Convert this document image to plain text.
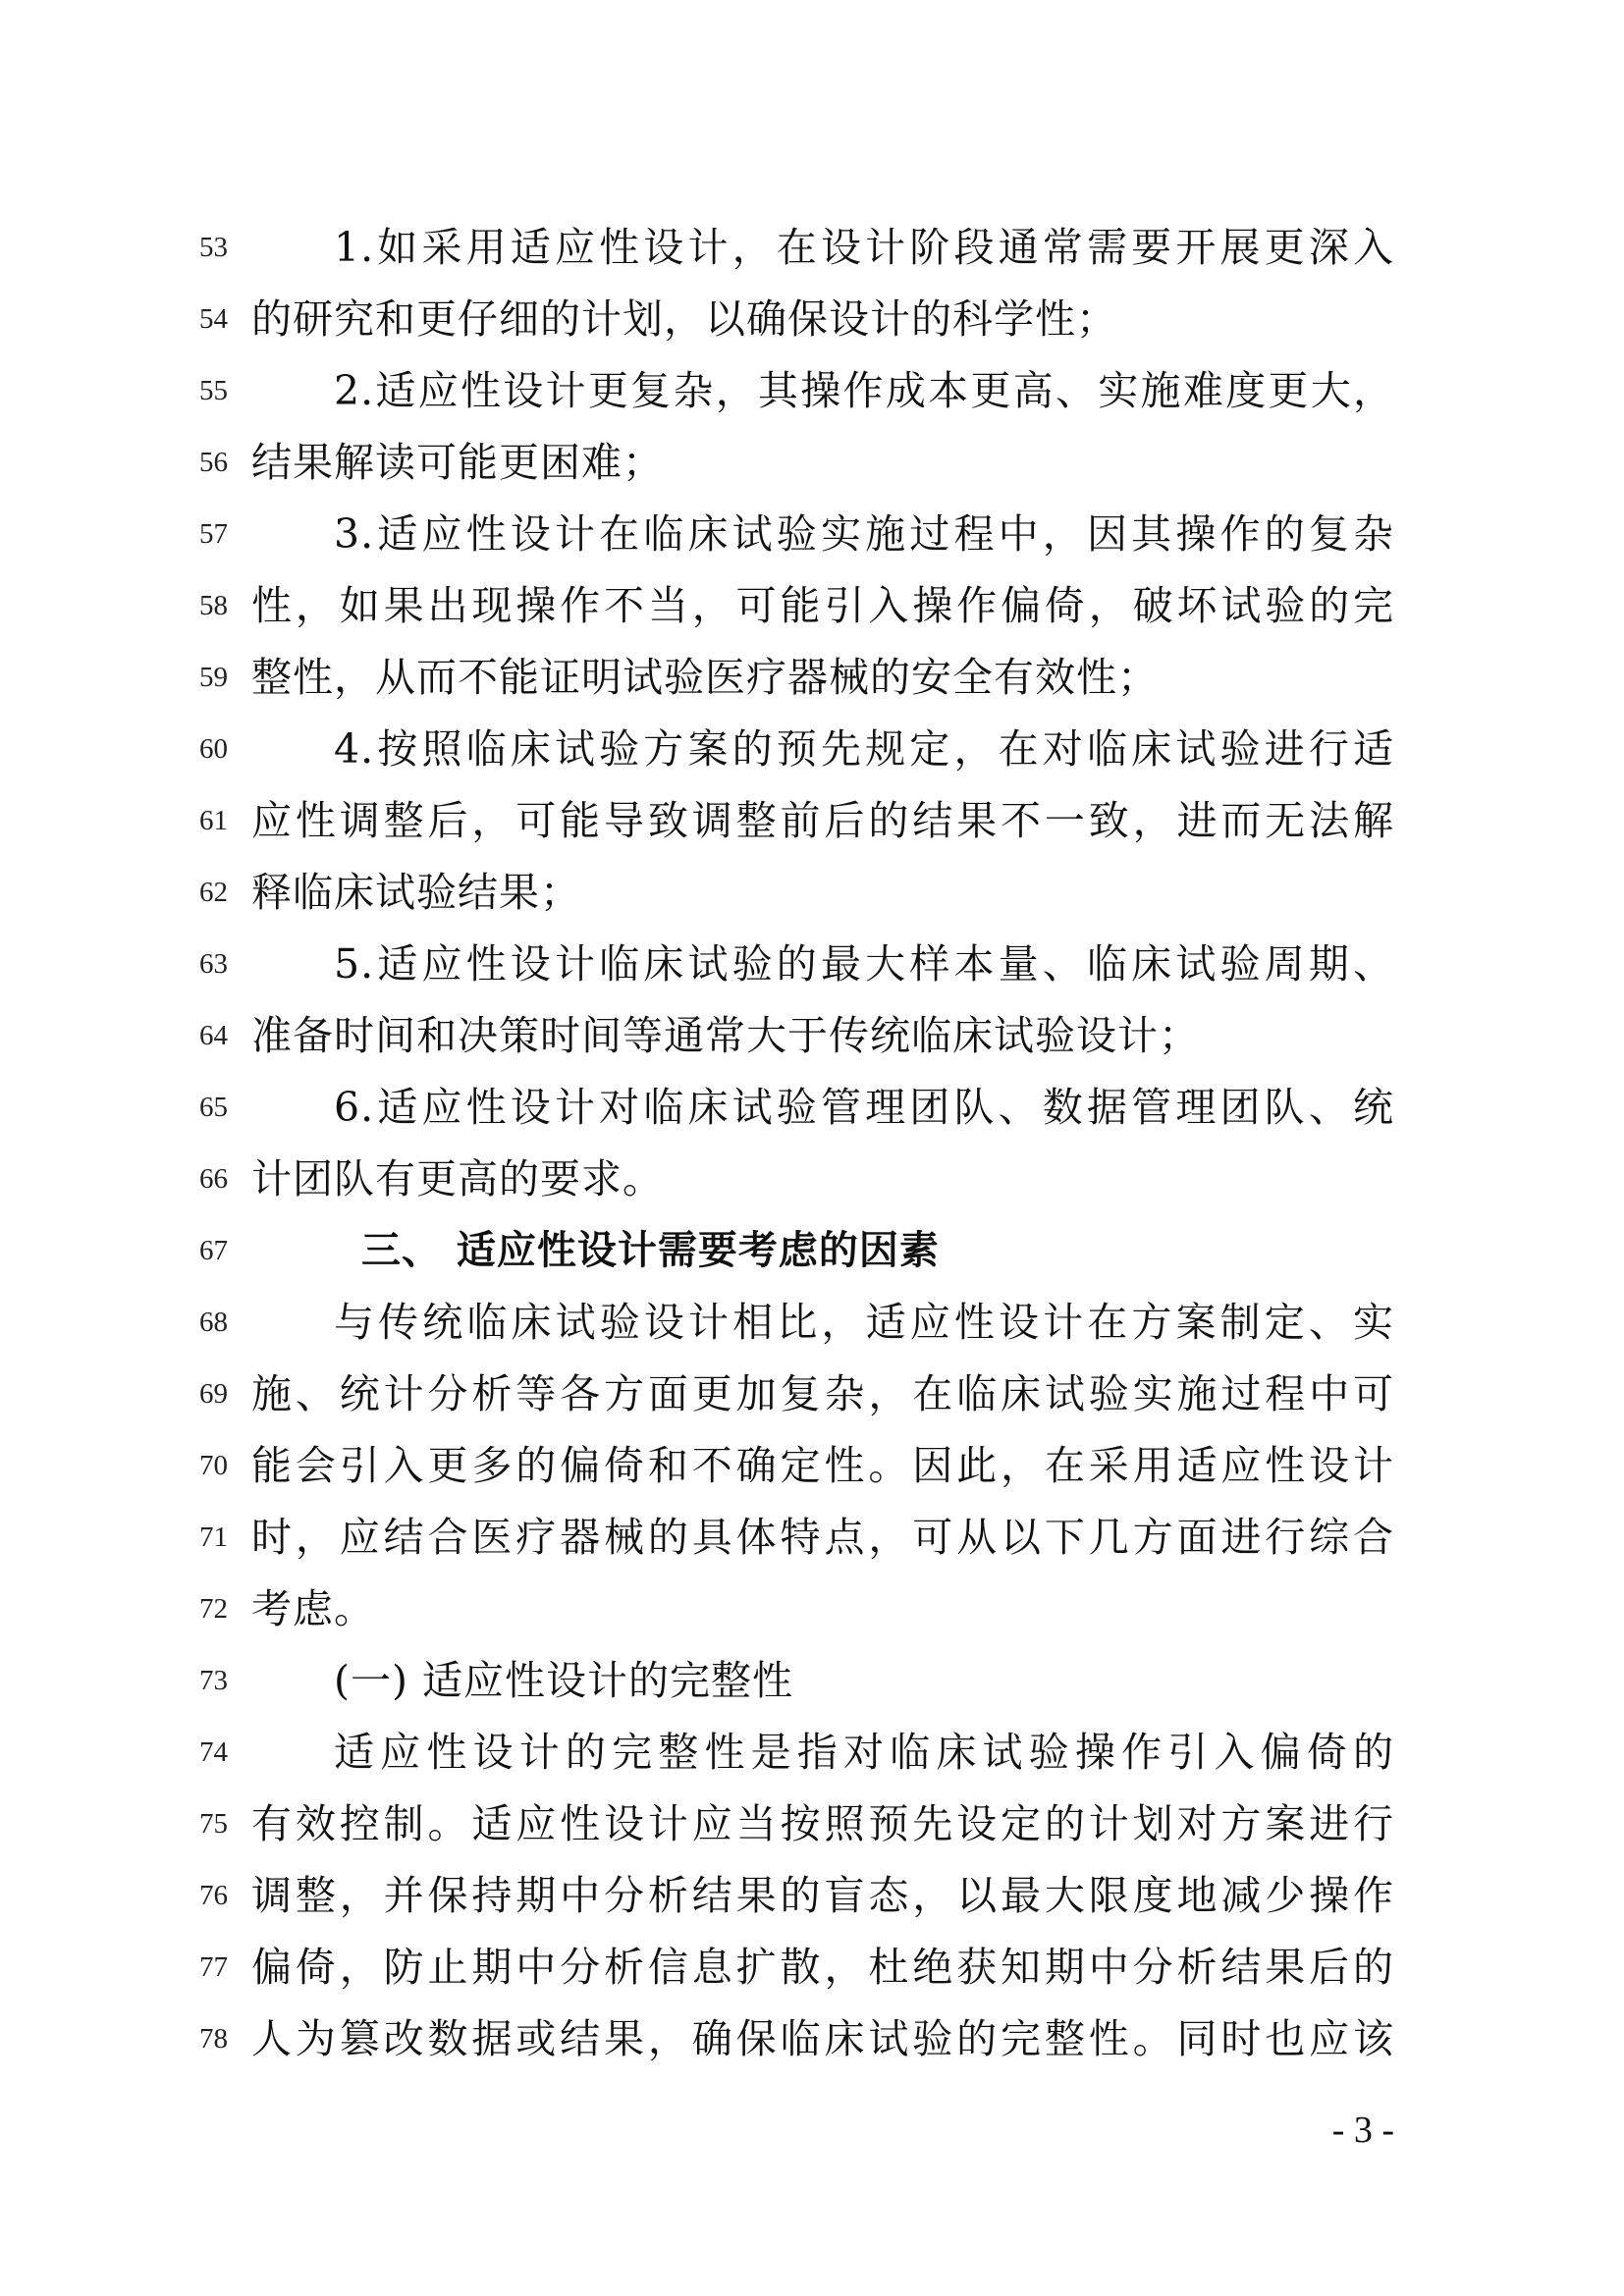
53	1.如采用适应性设计，在设计阶段通常需要开展更深入
54 的研究和更仔细的计划，以确保设计的科学性；
55	2.适应性设计更复杂，其操作成本更高、实施难度更大，
56 结果解读可能更困难；
57	3.适应性设计在临床试验实施过程中，因其操作的复杂
58 性，如果出现操作不当，可能引入操作偏倚，破坏试验的完
59 整性，从而不能证明试验医疗器械的安全有效性；
60	4.按照临床试验方案的预先规定，在对临床试验进行适
61 应性调整后，可能导致调整前后的结果不一致，进而无法解
62 释临床试验结果；
63	5.适应性设计临床试验的最大样本量、临床试验周期、
64 准备时间和决策时间等通常大于传统临床试验设计；
65	6.适应性设计对临床试验管理团队、数据管理团队、统
66 计团队有更高的要求。
67	三、 适应性设计需要考虑的因素
68	与传统临床试验设计相比，适应性设计在方案制定、实
69 施、统计分析等各方面更加复杂，在临床试验实施过程中可
70 能会引入更多的偏倚和不确定性。因此，在采用适应性设计
71 时，应结合医疗器械的具体特点，可从以下几方面进行综合
72 考虑。
73	(一) 适应性设计的完整性
74	适应性设计的完整性是指对临床试验操作引入偏倚的
75 有效控制。适应性设计应当按照预先设定的计划对方案进行
76 调整，并保持期中分析结果的盲态，以最大限度地减少操作
77 偏倚，防止期中分析信息扩散，杜绝获知期中分析结果后的
78 人为篡改数据或结果，确保临床试验的完整性。同时也应该
- 3 -
